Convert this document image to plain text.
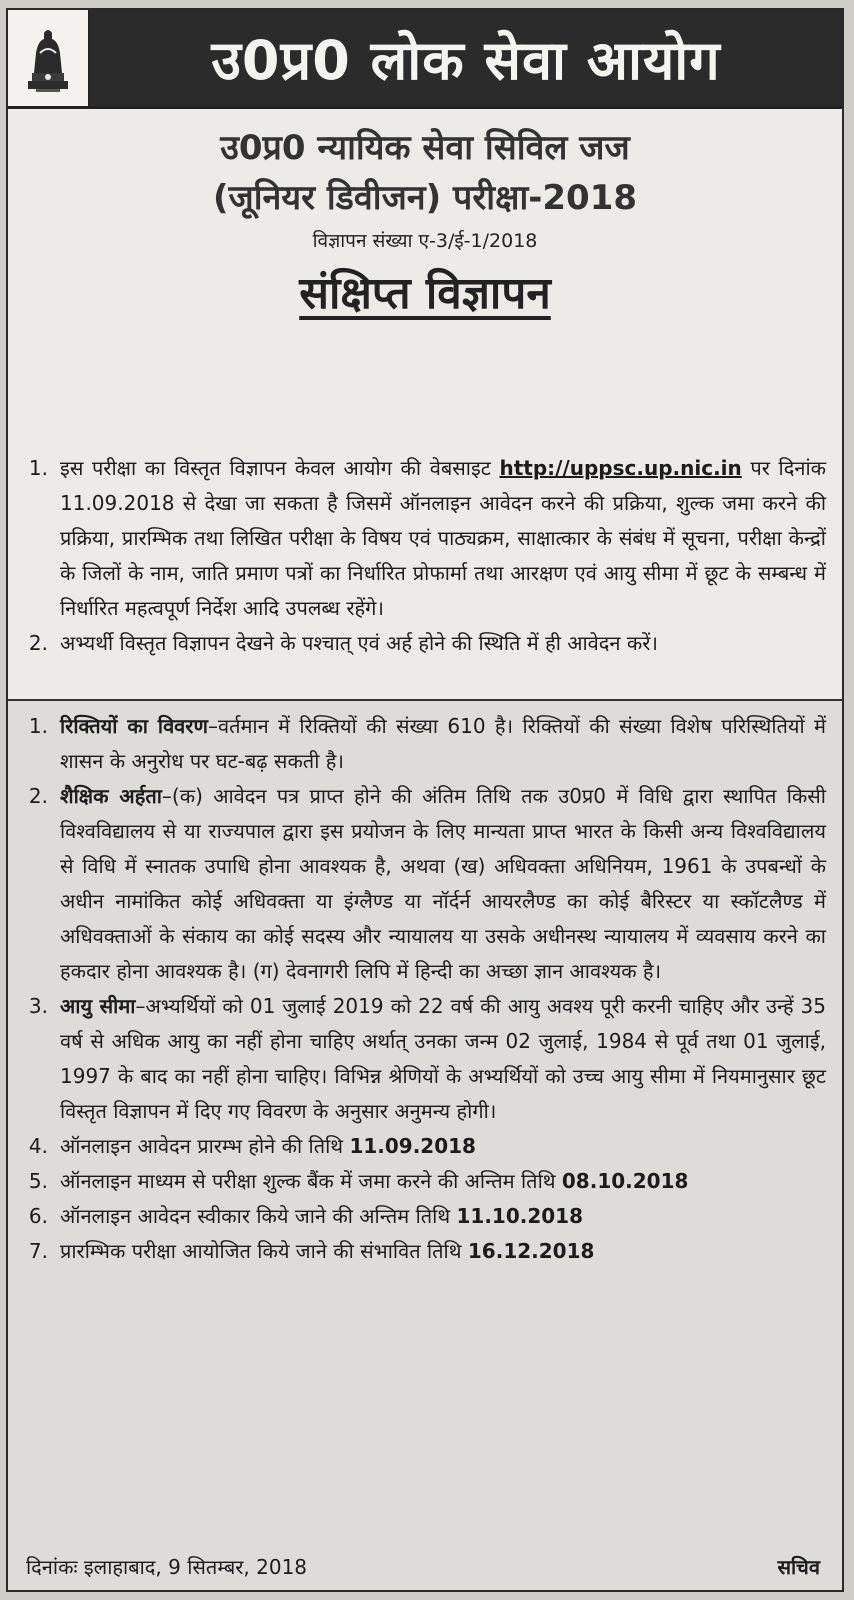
उ0प्र0 लोक सेवा आयोग
उ0प्र0 न्यायिक सेवा सिविल जज
(जूनियर डिवीजन) परीक्षा-2018
विज्ञापन संख्या ए-3/ई-1/2018
संक्षिप्त विज्ञापन
1. इस परीक्षा का विस्तृत विज्ञापन केवल आयोग की वेबसाइट http://uppsc.up.nic.in पर दिनांक 11.09.2018 से देखा जा सकता है जिसमें ऑनलाइन आवेदन करने की प्रक्रिया, शुल्क जमा करने की प्रक्रिया, प्रारम्भिक तथा लिखित परीक्षा के विषय एवं पाठ्यक्रम, साक्षात्कार के संबंध में सूचना, परीक्षा केन्द्रों के जिलों के नाम, जाति प्रमाण पत्रों का निर्धारित प्रोफार्मा तथा आरक्षण एवं आयु सीमा में छूट के सम्बन्ध में निर्धारित महत्वपूर्ण निर्देश आदि उपलब्ध रहेंगे।
2. अभ्यर्थी विस्तृत विज्ञापन देखने के पश्चात् एवं अर्ह होने की स्थिति में ही आवेदन करें।
1. रिक्तियों का विवरण–वर्तमान में रिक्तियों की संख्या 610 है। रिक्तियों की संख्या विशेष परिस्थितियों में शासन के अनुरोध पर घट-बढ़ सकती है।
2. शैक्षिक अर्हता–(क) आवेदन पत्र प्राप्त होने की अंतिम तिथि तक उ0प्र0 में विधि द्वारा स्थापित किसी विश्वविद्यालय से या राज्यपाल द्वारा इस प्रयोजन के लिए मान्यता प्राप्त भारत के किसी अन्य विश्वविद्यालय से विधि में स्नातक उपाधि होना आवश्यक है, अथवा (ख) अधिवक्ता अधिनियम, 1961 के उपबन्धों के अधीन नामांकित कोई अधिवक्ता या इंग्लैण्ड या नॉर्दर्न आयरलैण्ड का कोई बैरिस्टर या स्कॉटलैण्ड में अधिवक्ताओं के संकाय का कोई सदस्य और न्यायालय या उसके अधीनस्थ न्यायालय में व्यवसाय करने का हकदार होना आवश्यक है। (ग) देवनागरी लिपि में हिन्दी का अच्छा ज्ञान आवश्यक है।
3. आयु सीमा–अभ्यर्थियों को 01 जुलाई 2019 को 22 वर्ष की आयु अवश्य पूरी करनी चाहिए और उन्हें 35 वर्ष से अधिक आयु का नहीं होना चाहिए अर्थात् उनका जन्म 02 जुलाई, 1984 से पूर्व तथा 01 जुलाई, 1997 के बाद का नहीं होना चाहिए। विभिन्न श्रेणियों के अभ्यर्थियों को उच्च आयु सीमा में नियमानुसार छूट विस्तृत विज्ञापन में दिए गए विवरण के अनुसार अनुमन्य होगी।
4. ऑनलाइन आवेदन प्रारम्भ होने की तिथि 11.09.2018
5. ऑनलाइन माध्यम से परीक्षा शुल्क बैंक में जमा करने की अन्तिम तिथि 08.10.2018
6. ऑनलाइन आवेदन स्वीकार किये जाने की अन्तिम तिथि 11.10.2018
7. प्रारम्भिक परीक्षा आयोजित किये जाने की संभावित तिथि 16.12.2018
दिनांकः इलाहाबाद, 9 सितम्बर, 2018	सचिव
